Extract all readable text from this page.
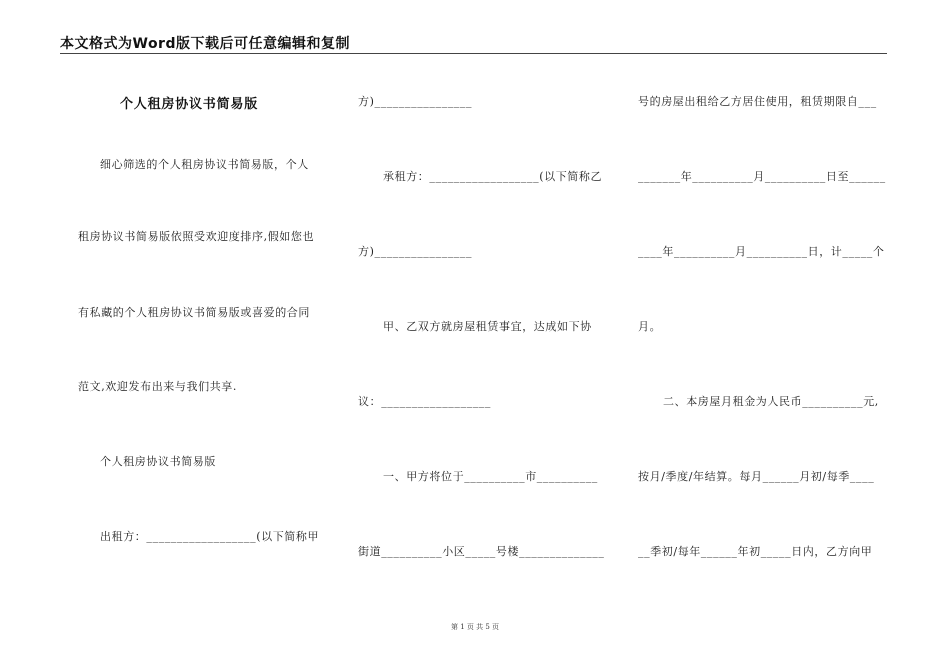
本文格式为Word版下载后可任意编辑和复制
个人租房协议书简易版
细心筛选的个人租房协议书简易版，个人
租房协议书简易版依照受欢迎度排序,假如您也
有私藏的个人租房协议书简易版或喜爱的合同
范文,欢迎发布出来与我们共享.
个人租房协议书简易版
出租方：__________________(以下简称甲
方)________________
承租方：__________________(以下简称乙
方)________________
甲、乙双方就房屋租赁事宜，达成如下协
议：__________________
一、甲方将位于__________市__________
街道__________小区_____号楼______________
号的房屋出租给乙方居住使用，租赁期限自___
_______年__________月__________日至______
____年__________月__________日，计_____个
月。
二、本房屋月租金为人民币__________元,
按月/季度/年结算。每月______月初/每季____
__季初/每年______年初_____日内，乙方向甲
第 1 页 共 5 页
